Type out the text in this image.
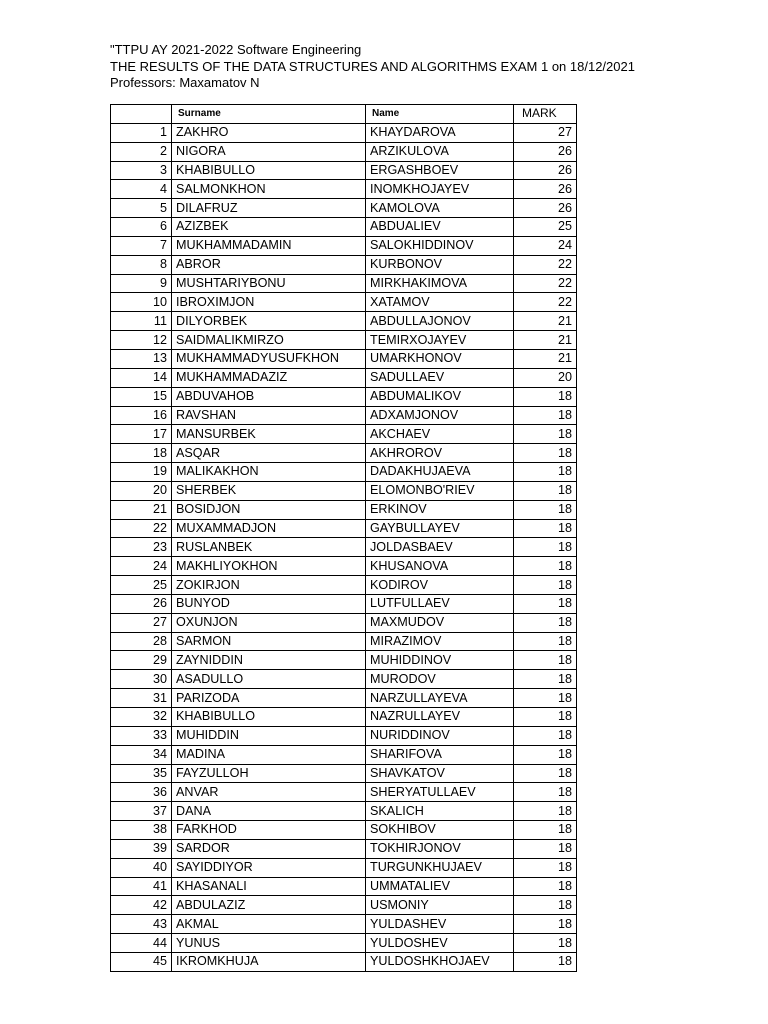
"TTPU AY 2021-2022 Software Engineering
THE RESULTS OF THE DATA STRUCTURES AND ALGORITHMS EXAM 1 on 18/12/2021
Professors: Maxamatov N
	Surname	Name	MARK
1	ZAKHRO	KHAYDAROVA	27
2	NIGORA	ARZIKULOVA	26
3	KHABIBULLO	ERGASHBOEV	26
4	SALMONKHON	INOMKHOJAYEV	26
5	DILAFRUZ	KAMOLOVA	26
6	AZIZBEK	ABDUALIEV	25
7	MUKHAMMADAMIN	SALOKHIDDINOV	24
8	ABROR	KURBONOV	22
9	MUSHTARIYBONU	MIRKHAKIMOVA	22
10	IBROXIMJON	XATAMOV	22
11	DILYORBEK	ABDULLAJONOV	21
12	SAIDMALIKMIRZO	TEMIRXOJAYEV	21
13	MUKHAMMADYUSUFKHON	UMARKHONOV	21
14	MUKHAMMADAZIZ	SADULLAEV	20
15	ABDUVAHOB	ABDUMALIKOV	18
16	RAVSHAN	ADXAMJONOV	18
17	MANSURBEK	AKCHAEV	18
18	ASQAR	AKHROROV	18
19	MALIKAKHON	DADAKHUJAEVA	18
20	SHERBEK	ELOMONBO'RIEV	18
21	BOSIDJON	ERKINOV	18
22	MUXAMMADJON	GAYBULLAYEV	18
23	RUSLANBEK	JOLDASBAEV	18
24	MAKHLIYOKHON	KHUSANOVA	18
25	ZOKIRJON	KODIROV	18
26	BUNYOD	LUTFULLAEV	18
27	OXUNJON	MAXMUDOV	18
28	SARMON	MIRAZIMOV	18
29	ZAYNIDDIN	MUHIDDINOV	18
30	ASADULLO	MURODOV	18
31	PARIZODA	NARZULLAYEVA	18
32	KHABIBULLO	NAZRULLAYEV	18
33	MUHIDDIN	NURIDDINOV	18
34	MADINA	SHARIFOVA	18
35	FAYZULLOH	SHAVKATOV	18
36	ANVAR	SHERYATULLAEV	18
37	DANA	SKALICH	18
38	FARKHOD	SOKHIBOV	18
39	SARDOR	TOKHIRJONOV	18
40	SAYIDDIYOR	TURGUNKHUJAEV	18
41	KHASANALI	UMMATALIEV	18
42	ABDULAZIZ	USMONIY	18
43	AKMAL	YULDASHEV	18
44	YUNUS	YULDOSHEV	18
45	IKROMKHUJA	YULDOSHKHOJAEV	18
